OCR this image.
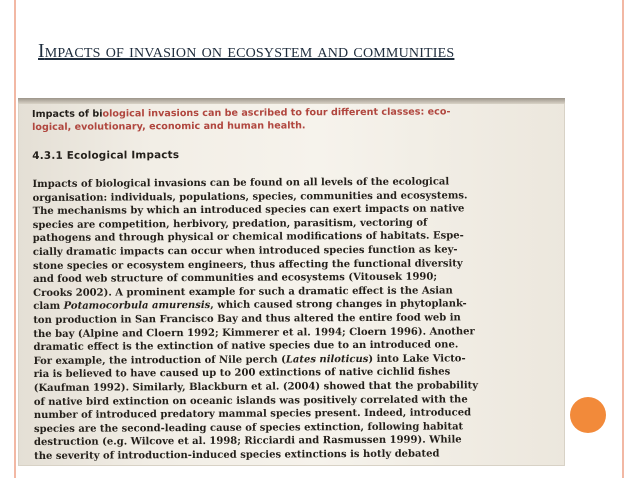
Impacts of invasion on ecosystem and communities
Impacts of biological invasions can be ascribed to four different classes: eco-
logical, evolutionary, economic and human health.
4.3.1 Ecological Impacts
Impacts of biological invasions can be found on all levels of the ecological
organisation: individuals, populations, species, communities and ecosystems.
The mechanisms by which an introduced species can exert impacts on native
species are competition, herbivory, predation, parasitism, vectoring of
pathogens and through physical or chemical modifications of habitats. Espe-
cially dramatic impacts can occur when introduced species function as key-
stone species or ecosystem engineers, thus affecting the functional diversity
and food web structure of communities and ecosystems (Vitousek 1990;
Crooks 2002). A prominent example for such a dramatic effect is the Asian
clam Potamocorbula amurensis, which caused strong changes in phytoplank-
ton production in San Francisco Bay and thus altered the entire food web in
the bay (Alpine and Cloern 1992; Kimmerer et al. 1994; Cloern 1996). Another
dramatic effect is the extinction of native species due to an introduced one.
For example, the introduction of Nile perch (Lates niloticus) into Lake Victo-
ria is believed to have caused up to 200 extinctions of native cichlid fishes
(Kaufman 1992). Similarly, Blackburn et al. (2004) showed that the probability
of native bird extinction on oceanic islands was positively correlated with the
number of introduced predatory mammal species present. Indeed, introduced
species are the second-leading cause of species extinction, following habitat
destruction (e.g. Wilcove et al. 1998; Ricciardi and Rasmussen 1999). While
the severity of introduction-induced species extinctions is hotly debated
